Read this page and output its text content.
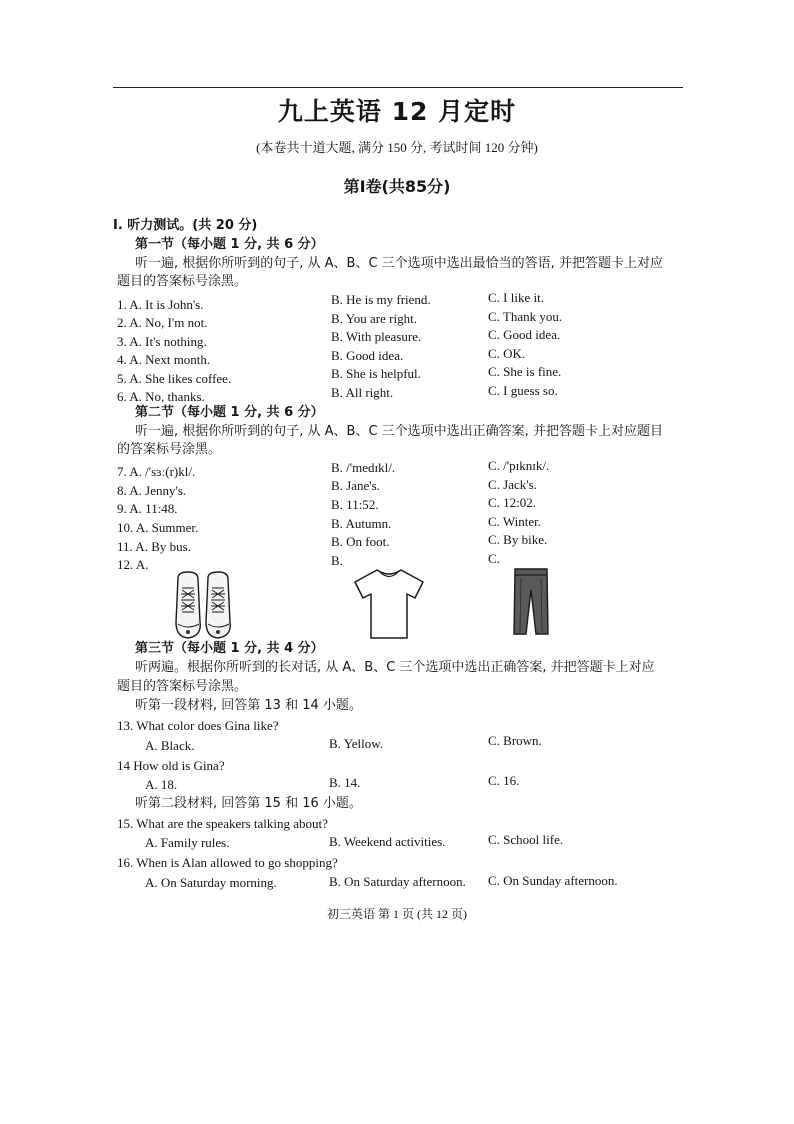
九上英语 12 月定时
(本卷共十道大题, 满分 150 分, 考试时间 120 分钟)
第I卷(共85分)
I. 听力测试。(共 20 分)
第一节（每小题 1 分, 共 6 分）
听一遍, 根据你所听到的句子, 从 A、B、C 三个选项中选出最恰当的答语, 并把答题卡上对应
题目的答案标号涂黑。
1. A. It is John's.	B. He is my friend.	C. I like it.
2. A. No, I'm not.	B. You are right.	C. Thank you.
3. A. It's nothing.	B. With pleasure.	C. Good idea.
4. A. Next month.	B. Good idea.	C. OK.
5. A. She likes coffee.	B. She is helpful.	C. She is fine.
6. A. No, thanks.	B. All right.	C. I guess so.
第二节（每小题 1 分, 共 6 分）
听一遍, 根据你所听到的句子, 从 A、B、C 三个选项中选出正确答案, 并把答题卡上对应题目
的答案标号涂黑。
7. A. /'sɜː(r)kl/.	B. /'medɪkl/.	C. /'pɪknɪk/.
8. A. Jenny's.	B. Jane's.	C. Jack's.
9. A. 11:48.	B. 11:52.	C. 12:02.
10. A. Summer.	B. Autumn.	C. Winter.
11. A. By bus.	B. On foot.	C. By bike.
12. A.	B.	C.
第三节（每小题 1 分, 共 4 分）
听两遍。根据你所听到的长对话, 从 A、B、C 三个选项中选出正确答案, 并把答题卡上对应
题目的答案标号涂黑。
听第一段材料, 回答第 13 和 14 小题。
13. What color does Gina like?
A. Black.	B. Yellow.	C. Brown.
14 How old is Gina?
A. 18.	B. 14.	C. 16.
听第二段材料, 回答第 15 和 16 小题。
15. What are the speakers talking about?
A. Family rules.	B. Weekend activities.	C. School life.
16. When is Alan allowed to go shopping?
A. On Saturday morning.	B. On Saturday afternoon. C. On Sunday afternoon.
初三英语 第 1 页 (共 12 页)
